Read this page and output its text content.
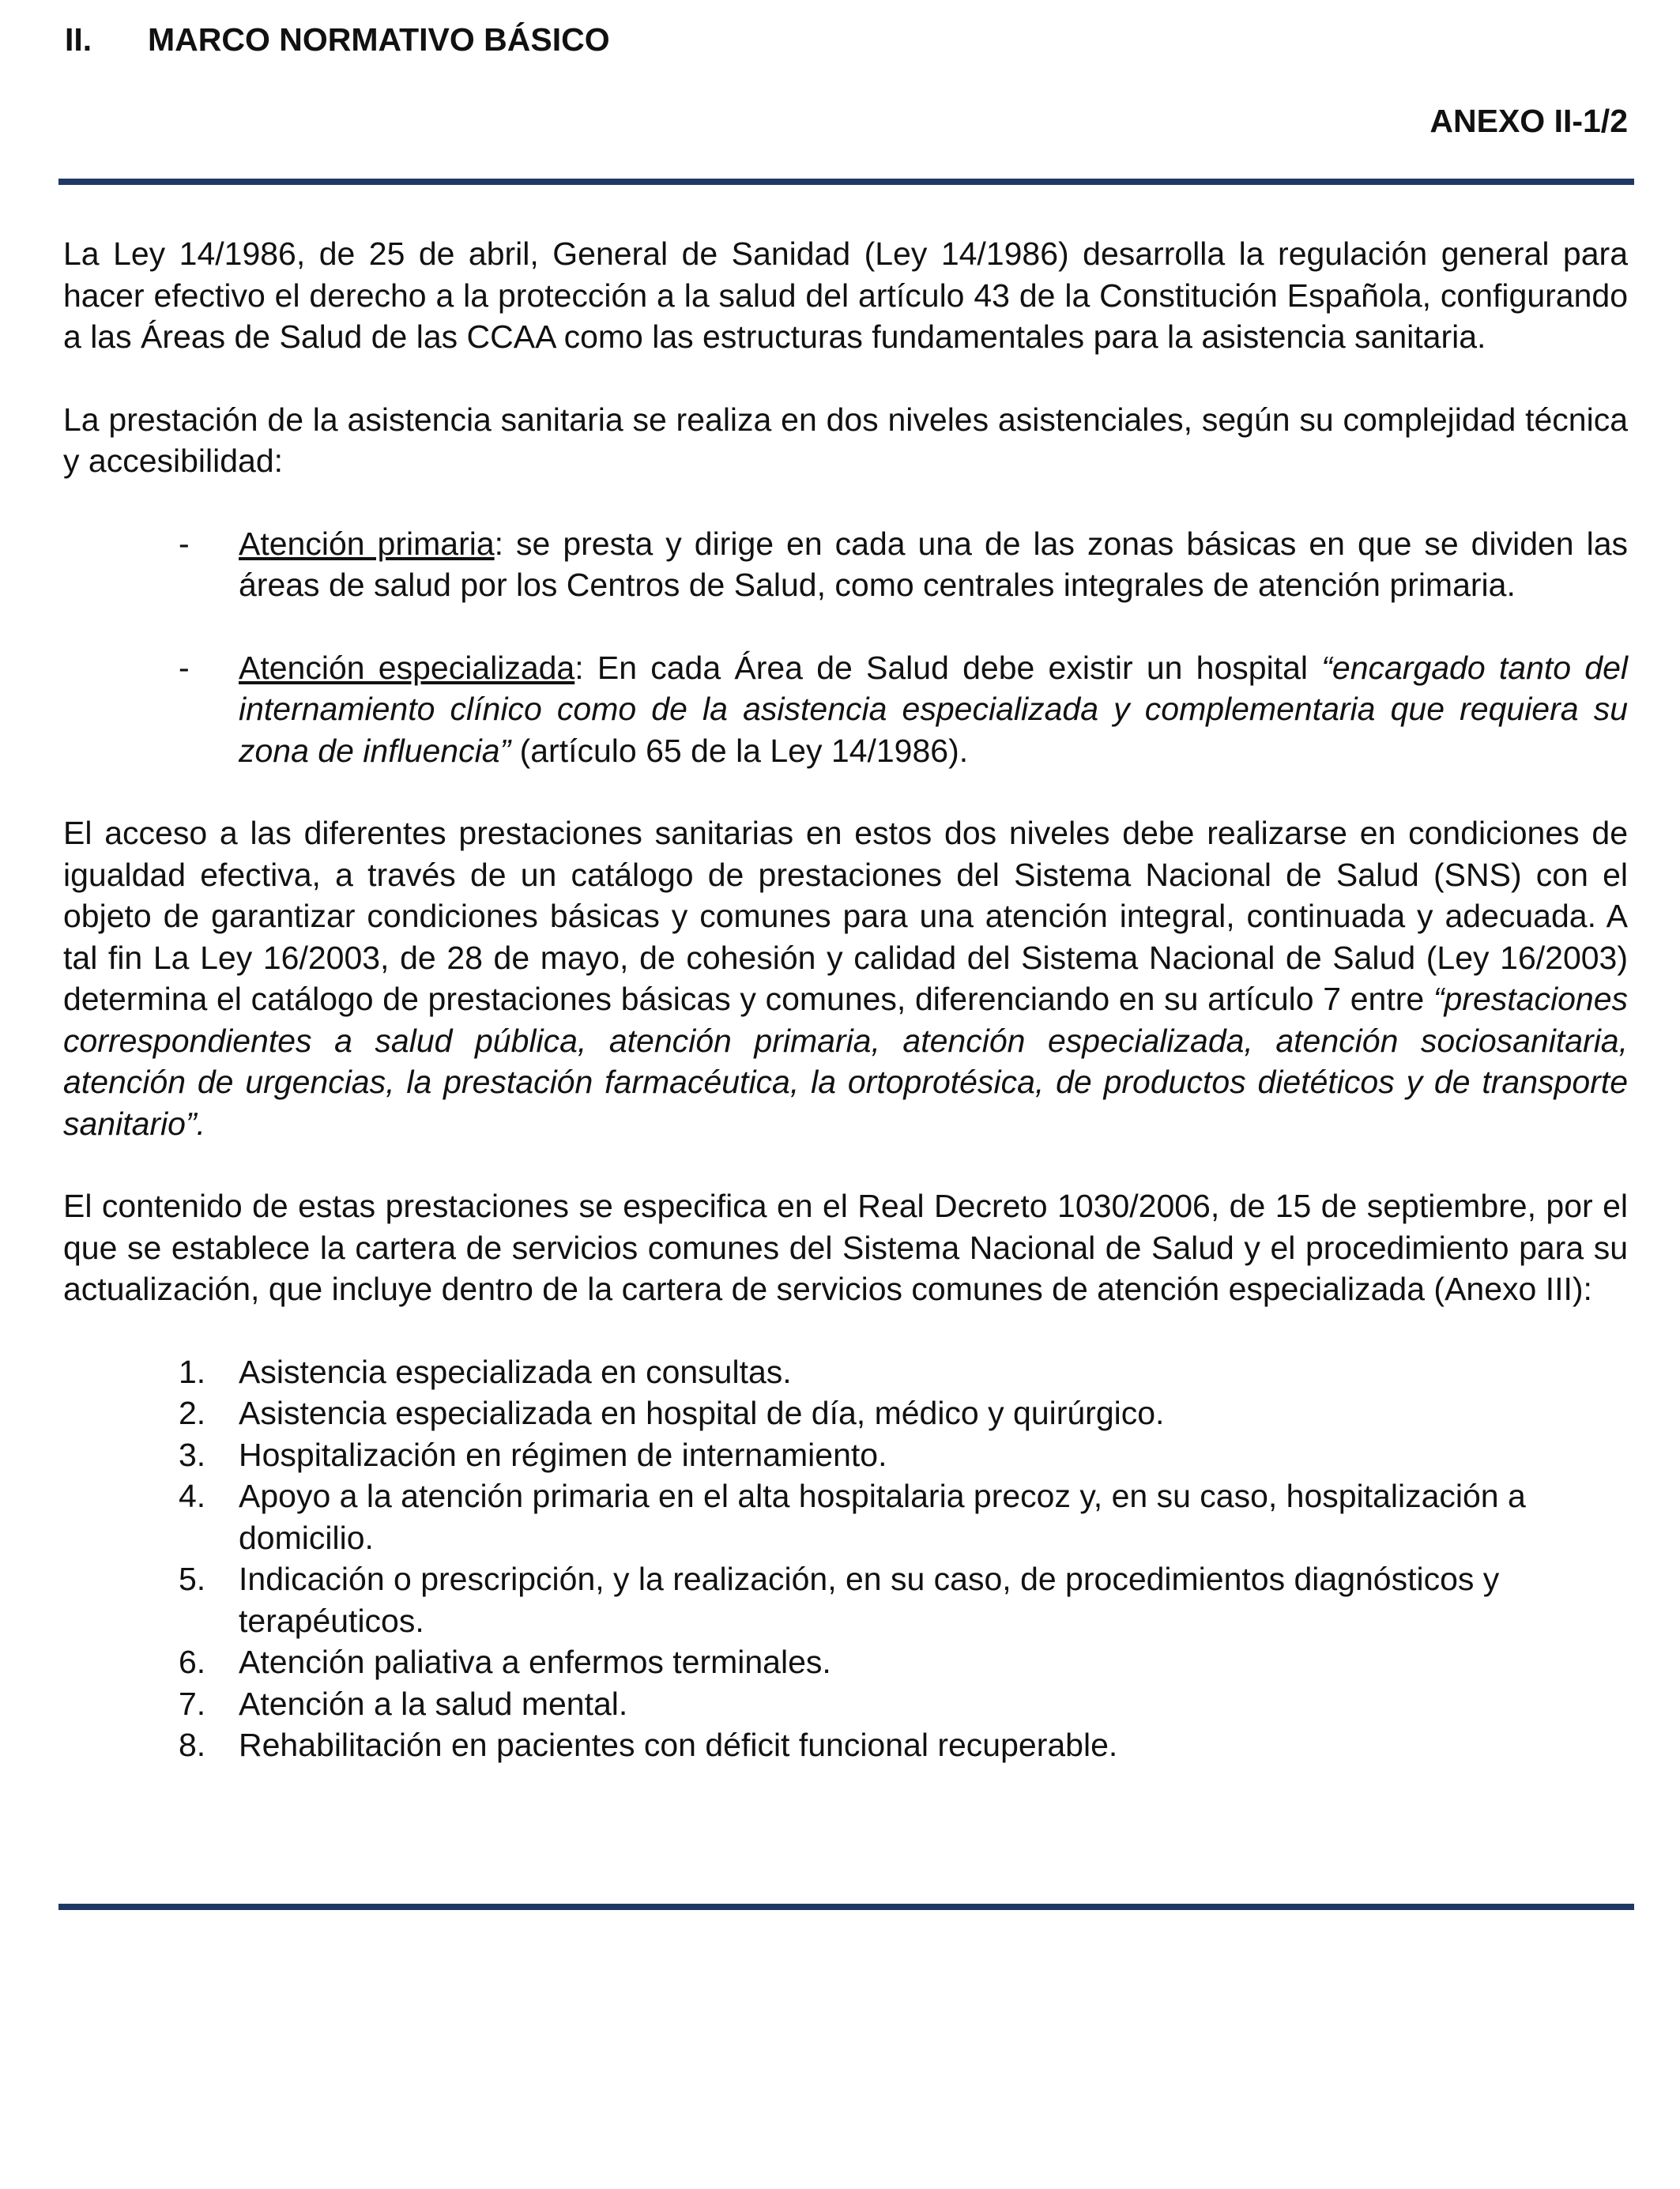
II. MARCO NORMATIVO BÁSICO
ANEXO II-1/2

La Ley 14/1986, de 25 de abril, General de Sanidad (Ley 14/1986) desarrolla la regulación general para hacer efectivo el derecho a la protección a la salud del artículo 43 de la Constitución Española, configurando a las Áreas de Salud de las CCAA como las estructuras fundamentales para la asistencia sanitaria.

La prestación de la asistencia sanitaria se realiza en dos niveles asistenciales, según su complejidad técnica y accesibilidad:

- Atención primaria: se presta y dirige en cada una de las zonas básicas en que se dividen las áreas de salud por los Centros de Salud, como centrales integrales de atención primaria.
- Atención especializada: En cada Área de Salud debe existir un hospital “encargado tanto del internamiento clínico como de la asistencia especializada y complementaria que requiera su zona de influencia” (artículo 65 de la Ley 14/1986).

El acceso a las diferentes prestaciones sanitarias en estos dos niveles debe realizarse en condiciones de igualdad efectiva, a través de un catálogo de prestaciones del Sistema Nacional de Salud (SNS) con el objeto de garantizar condiciones básicas y comunes para una atención integral, continuada y adecuada. A tal fin La Ley 16/2003, de 28 de mayo, de cohesión y calidad del Sistema Nacional de Salud (Ley 16/2003) determina el catálogo de prestaciones básicas y comunes, diferenciando en su artículo 7 entre “prestaciones correspondientes a salud pública, atención primaria, atención especializada, atención sociosanitaria, atención de urgencias, la prestación farmacéutica, la ortoprotésica, de productos dietéticos y de transporte sanitario”.

El contenido de estas prestaciones se especifica en el Real Decreto 1030/2006, de 15 de septiembre, por el que se establece la cartera de servicios comunes del Sistema Nacional de Salud y el procedimiento para su actualización, que incluye dentro de la cartera de servicios comunes de atención especializada (Anexo III):

1. Asistencia especializada en consultas.
2. Asistencia especializada en hospital de día, médico y quirúrgico.
3. Hospitalización en régimen de internamiento.
4. Apoyo a la atención primaria en el alta hospitalaria precoz y, en su caso, hospitalización a domicilio.
5. Indicación o prescripción, y la realización, en su caso, de procedimientos diagnósticos y terapéuticos.
6. Atención paliativa a enfermos terminales.
7. Atención a la salud mental.
8. Rehabilitación en pacientes con déficit funcional recuperable.
